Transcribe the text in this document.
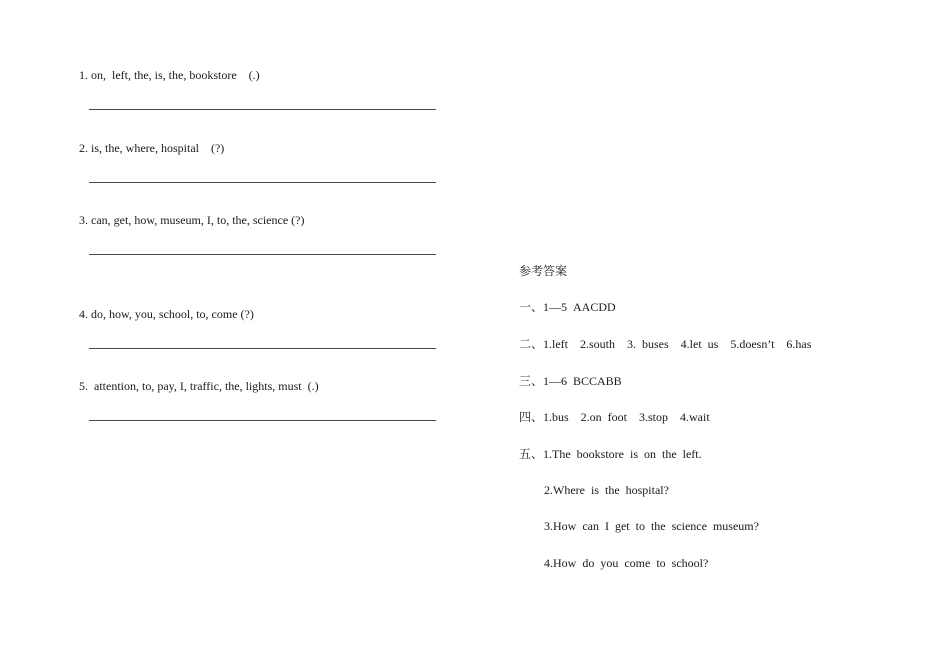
1. on,  left, the, is, the, bookstore    (.)
2. is, the, where, hospital    (?)
3. can, get, how, museum, I, to, the, science (?)
4. do, how, you, school, to, come (?)
5.  attention, to, pay, I, traffic, the, lights, must  (.)
参考答案
一、1—5  AACDD
二、1.left    2.south    3.  buses    4.let  us    5.doesn’t    6.has
三、1—6  BCCABB
四、1.bus    2.on  foot    3.stop    4.wait
五、1.The  bookstore  is  on  the  left.
2.Where  is  the  hospital?
3.How  can  I  get  to  the  science  museum?
4.How  do  you  come  to  school?
